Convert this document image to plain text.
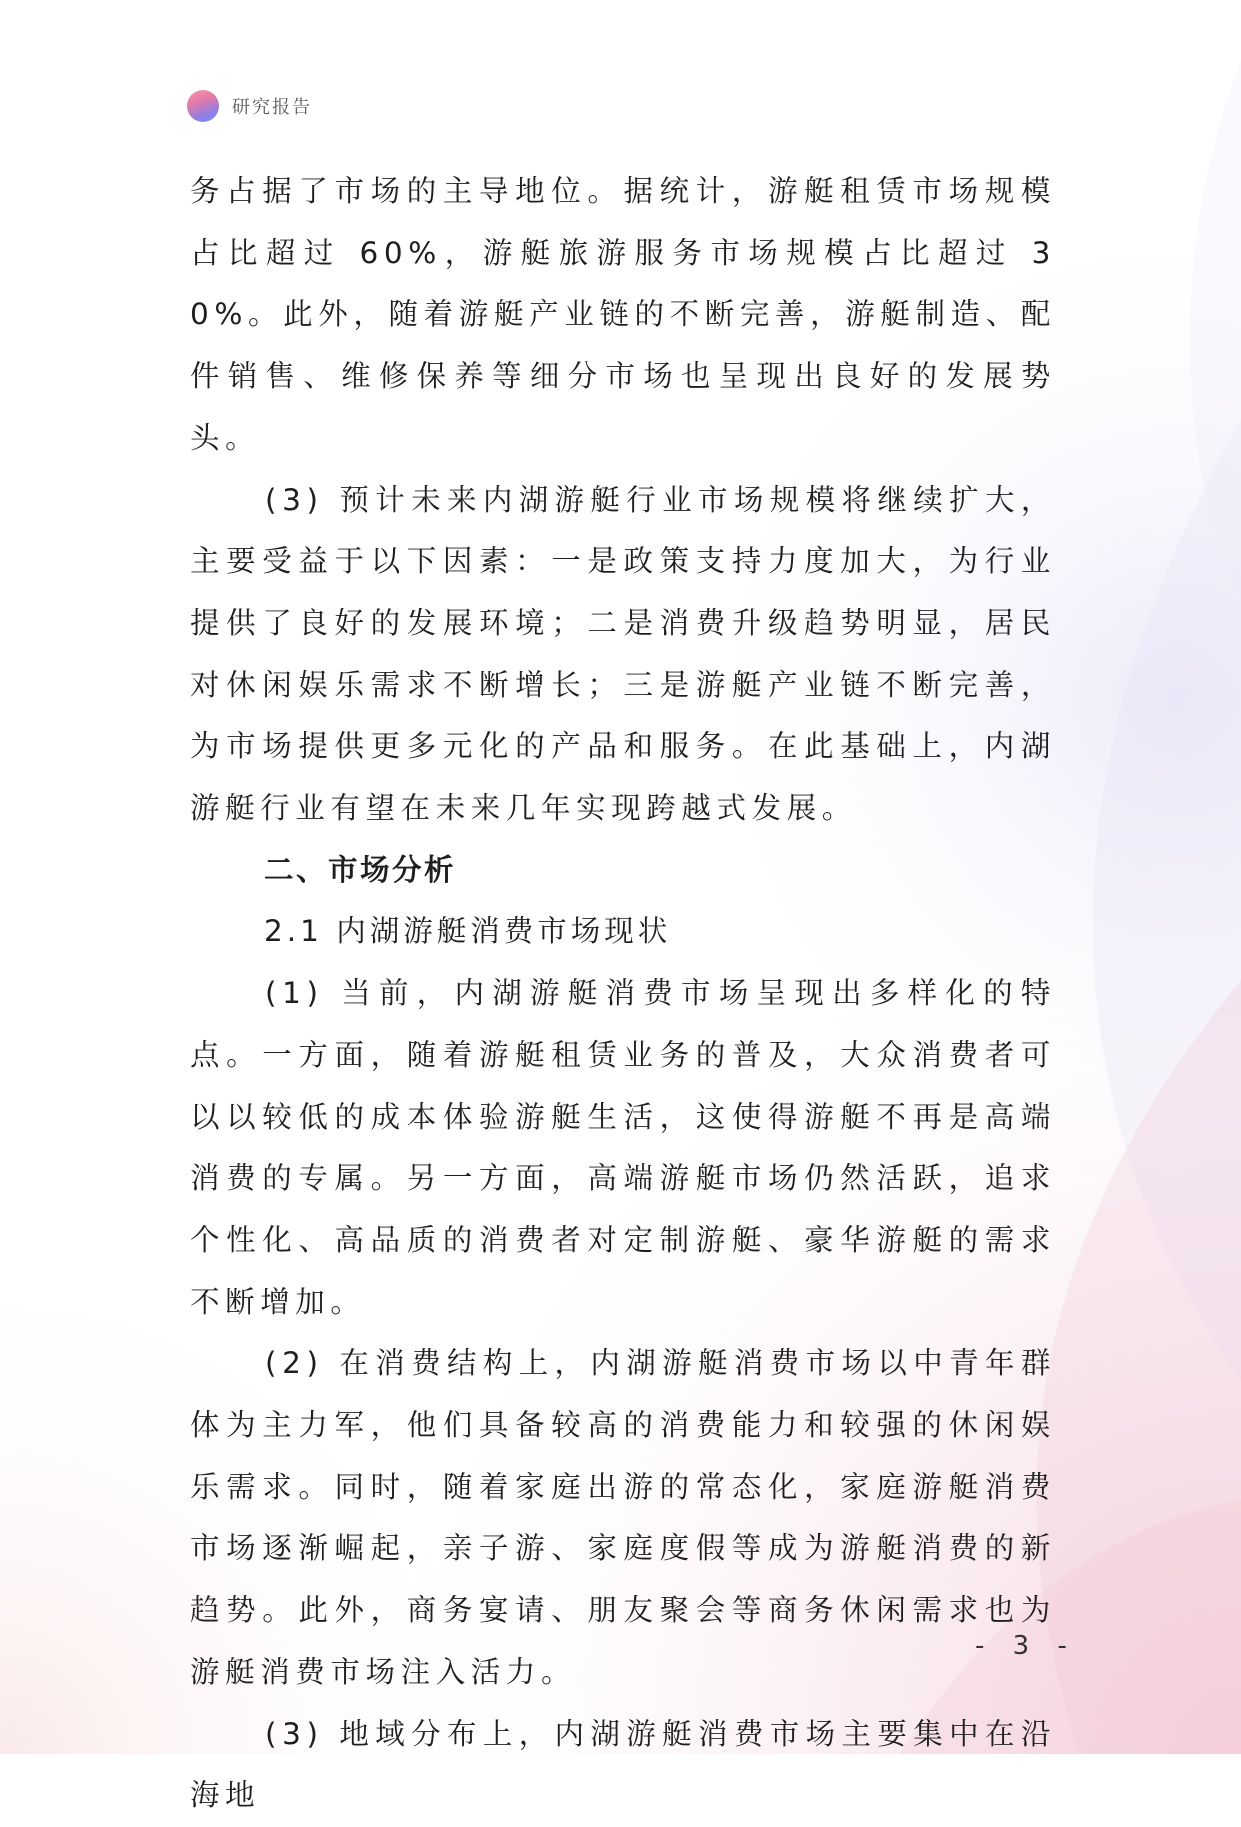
研究报告

务占据了市场的主导地位。据统计，游艇租赁市场规模占比超过 60%，游艇旅游服务市场规模占比超过 30%。此外，随着游艇产业链的不断完善，游艇制造、配件销售、维修保养等细分市场也呈现出良好的发展势头。

(3) 预计未来内湖游艇行业市场规模将继续扩大，主要受益于以下因素：一是政策支持力度加大，为行业提供了良好的发展环境；二是消费升级趋势明显，居民对休闲娱乐需求不断增长；三是游艇产业链不断完善，为市场提供更多元化的产品和服务。在此基础上，内湖游艇行业有望在未来几年实现跨越式发展。

二、市场分析

2.1 内湖游艇消费市场现状

(1) 当前，内湖游艇消费市场呈现出多样化的特点。一方面，随着游艇租赁业务的普及，大众消费者可以以较低的成本体验游艇生活，这使得游艇不再是高端消费的专属。另一方面，高端游艇市场仍然活跃，追求个性化、高品质的消费者对定制游艇、豪华游艇的需求不断增加。

(2) 在消费结构上，内湖游艇消费市场以中青年群体为主力军，他们具备较高的消费能力和较强的休闲娱乐需求。同时，随着家庭出游的常态化，家庭游艇消费市场逐渐崛起，亲子游、家庭度假等成为游艇消费的新趋势。此外，商务宴请、朋友聚会等商务休闲需求也为游艇消费市场注入活力。

(3) 地域分布上，内湖游艇消费市场主要集中在沿海地

- 3 -
